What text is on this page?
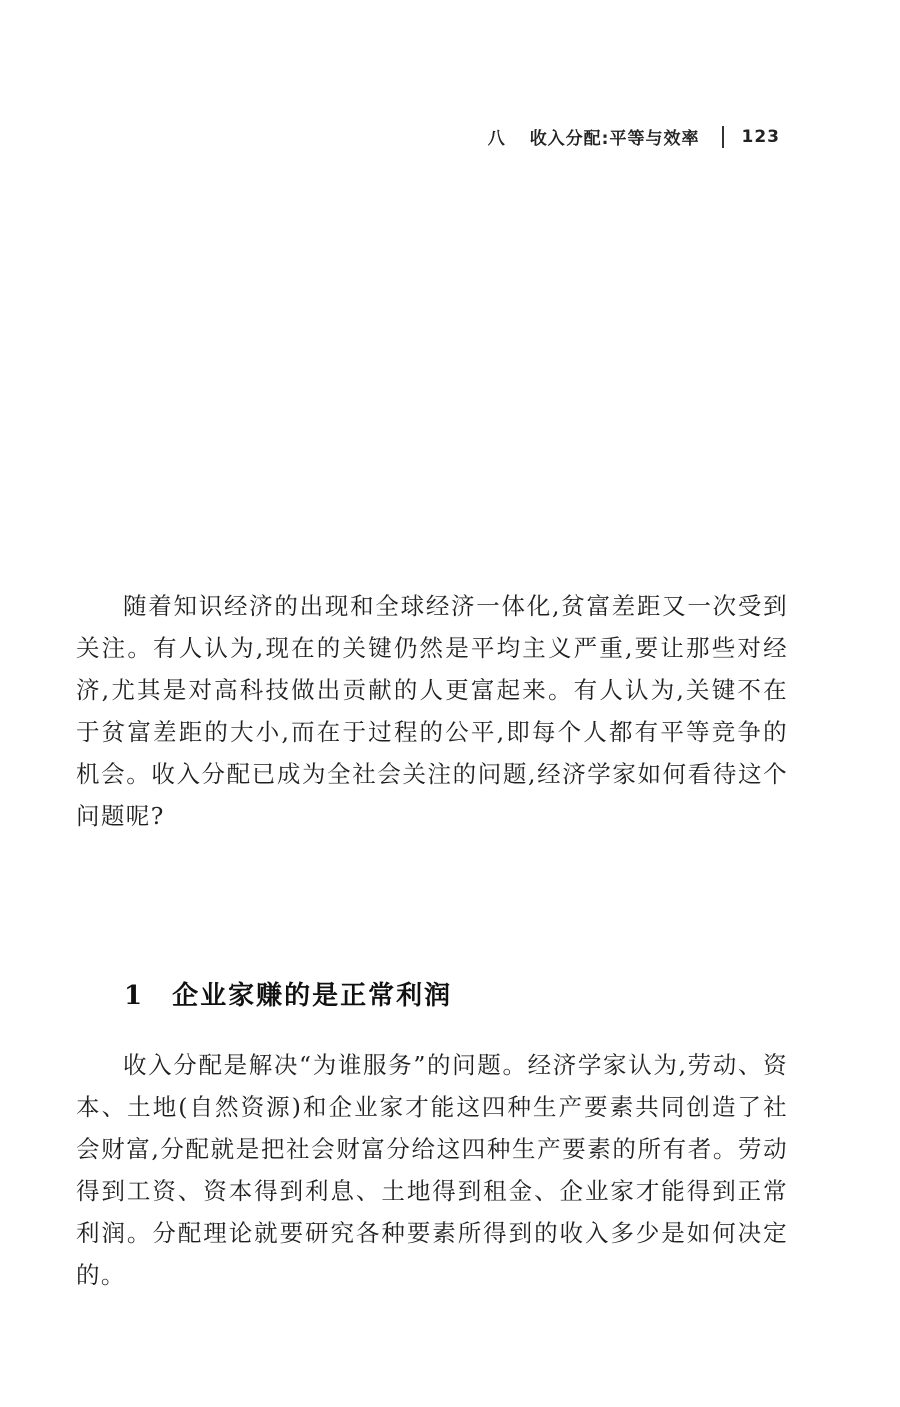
八 收入分配:平等与效率 123

随着知识经济的出现和全球经济一体化,贫富差距又一次受到关注。有人认为,现在的关键仍然是平均主义严重,要让那些对经济,尤其是对高科技做出贡献的人更富起来。有人认为,关键不在于贫富差距的大小,而在于过程的公平,即每个人都有平等竞争的机会。收入分配已成为全社会关注的问题,经济学家如何看待这个问题呢?

1 企业家赚的是正常利润

收入分配是解决“为谁服务”的问题。经济学家认为,劳动、资本、土地(自然资源)和企业家才能这四种生产要素共同创造了社会财富,分配就是把社会财富分给这四种生产要素的所有者。劳动得到工资、资本得到利息、土地得到租金、企业家才能得到正常利润。分配理论就要研究各种要素所得到的收入多少是如何决定的。
